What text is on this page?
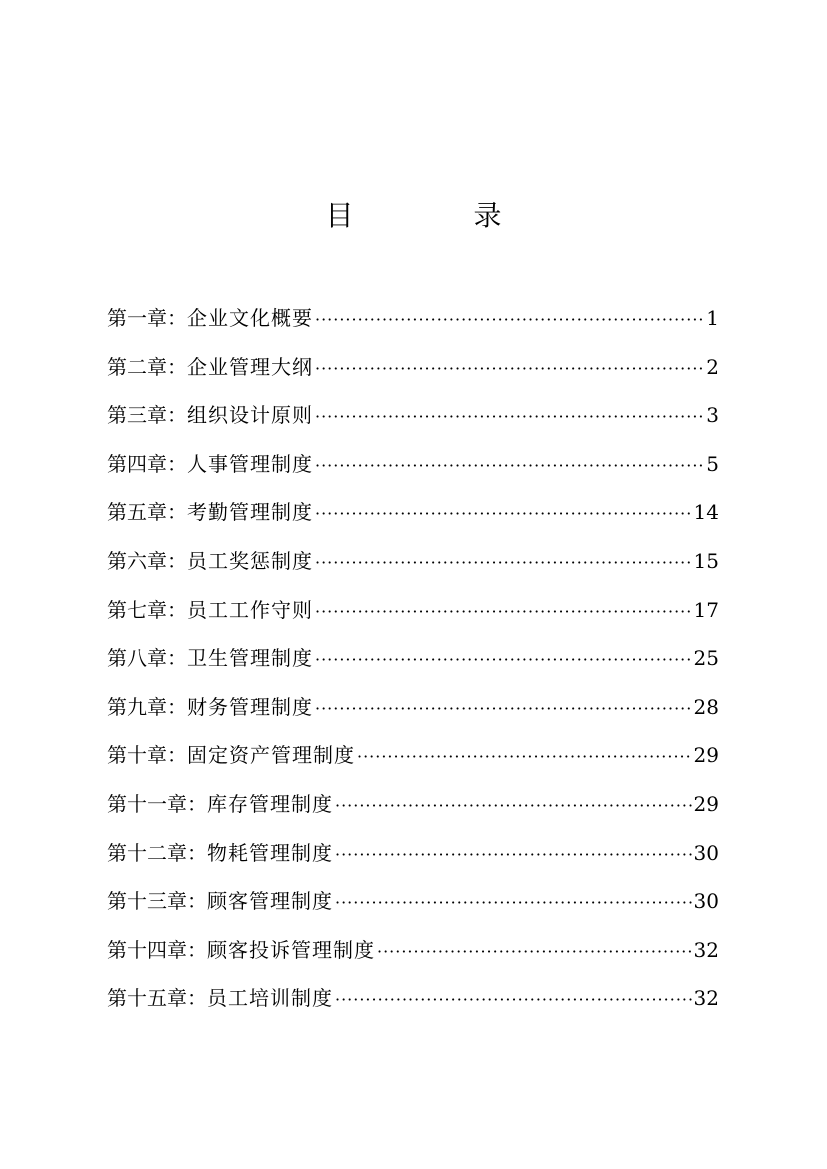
目　录
第一章： 企业文化概要 ·····	1
第二章： 企业管理大纲 ·····	2
第三章： 组织设计原则 ·····	3
第四章： 人事管理制度 ·····	5
第五章： 考勤管理制度 ·····	14
第六章： 员工奖惩制度 ·····	15
第七章： 员工工作守则 ·····	17
第八章： 卫生管理制度 ·····	25
第九章： 财务管理制度 ·····	28
第十章： 固定资产管理制度 ·····	29
第十一章： 库存管理制度 ·····	29
第十二章： 物耗管理制度 ·····	30
第十三章： 顾客管理制度 ·····	30
第十四章： 顾客投诉管理制度 ·····	32
第十五章： 员工培训制度 ·····	32
